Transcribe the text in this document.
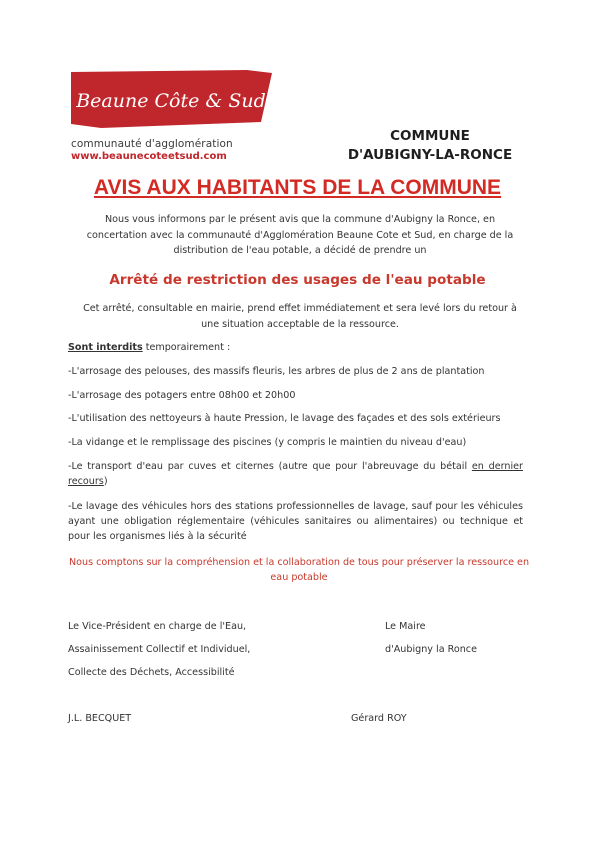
Beaune Côte & Sud
communauté d'agglomération
www.beaunecoteetsud.com
COMMUNE
D'AUBIGNY-LA-RONCE
AVIS AUX HABITANTS DE LA COMMUNE
Nous vous informons par le présent avis que la commune d'Aubigny la Ronce, en concertation avec la communauté d'Agglomération Beaune Cote et Sud, en charge de la distribution de l'eau potable, a décidé de prendre un
Arrêté de restriction des usages de l'eau potable
Cet arrêté, consultable en mairie, prend effet immédiatement et sera levé lors du retour à une situation acceptable de la ressource.
Sont interdits temporairement :
-L'arrosage des pelouses, des massifs fleuris, les arbres de plus de 2 ans de plantation
-L'arrosage des potagers entre 08h00 et 20h00
-L'utilisation des nettoyeurs à haute Pression, le lavage des façades et des sols extérieurs
-La vidange et le remplissage des piscines (y compris le maintien du niveau d'eau)
-Le transport d'eau par cuves et citernes (autre que pour l'abreuvage du bétail en dernier recours)
-Le lavage des véhicules hors des stations professionnelles de lavage, sauf pour les véhicules ayant une obligation réglementaire (véhicules sanitaires ou alimentaires) ou technique et pour les organismes liés à la sécurité
Nous comptons sur la compréhension et la collaboration de tous pour préserver la ressource en eau potable
Le Vice-Président en charge de l'Eau,
Assainissement Collectif et Individuel,
Collecte des Déchets, Accessibilité
Le Maire
d'Aubigny la Ronce
J.L. BECQUET	Gérard ROY
